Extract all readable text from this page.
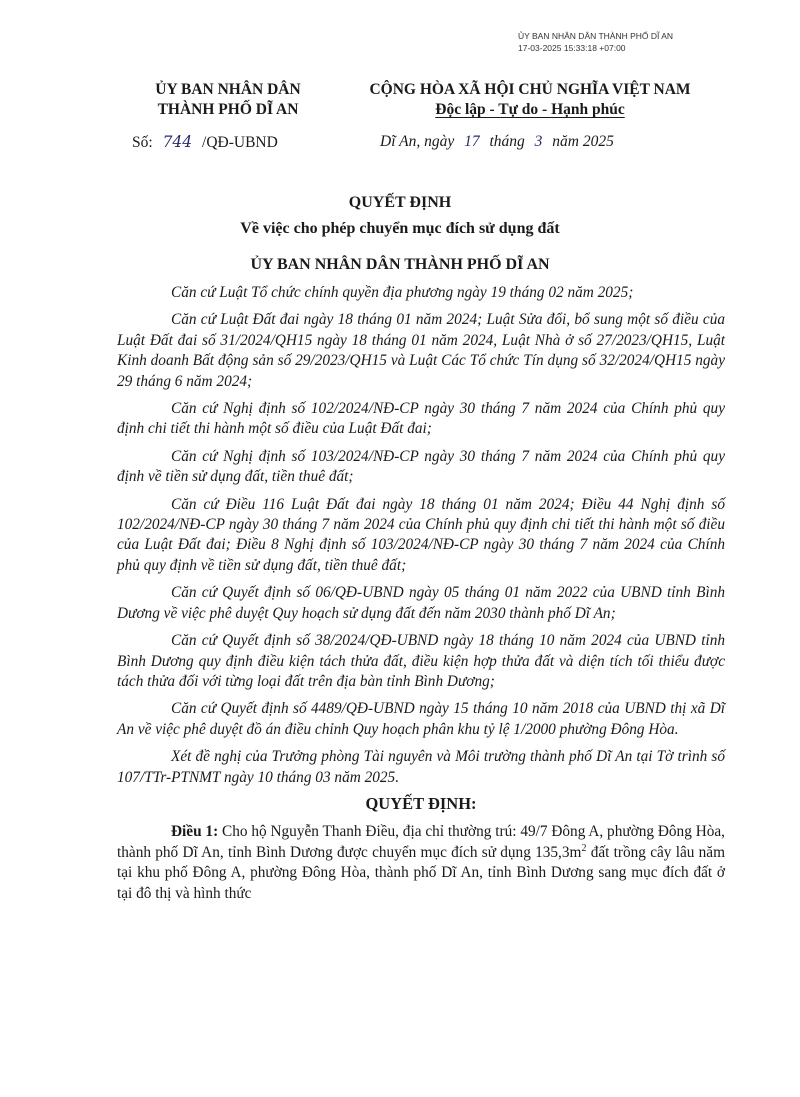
ỦY BAN NHÂN DÂN THÀNH PHỐ DĨ AN
17-03-2025 15:33:18 +07:00
ỦY BAN NHÂN DÂN
THÀNH PHỐ DĨ AN
CỘNG HÒA XÃ HỘI CHỦ NGHĨA VIỆT NAM
Độc lập - Tự do - Hạnh phúc
Số: 744 /QĐ-UBND	Dĩ An, ngày 17 tháng 3 năm 2025
QUYẾT ĐỊNH
Về việc cho phép chuyển mục đích sử dụng đất
ỦY BAN NHÂN DÂN THÀNH PHỐ DĨ AN

Căn cứ Luật Tổ chức chính quyền địa phương ngày 19 tháng 02 năm 2025;

Căn cứ Luật Đất đai ngày 18 tháng 01 năm 2024; Luật Sửa đổi, bổ sung một số điều của Luật Đất đai số 31/2024/QH15 ngày 18 tháng 01 năm 2024, Luật Nhà ở số 27/2023/QH15, Luật Kinh doanh Bất động sản số 29/2023/QH15 và Luật Các Tổ chức Tín dụng số 32/2024/QH15 ngày 29 tháng 6 năm 2024;

Căn cứ Nghị định số 102/2024/NĐ-CP ngày 30 tháng 7 năm 2024 của Chính phủ quy định chi tiết thi hành một số điều của Luật Đất đai;

Căn cứ Nghị định số 103/2024/NĐ-CP ngày 30 tháng 7 năm 2024 của Chính phủ quy định về tiền sử dụng đất, tiền thuê đất;

Căn cứ Điều 116 Luật Đất đai ngày 18 tháng 01 năm 2024; Điều 44 Nghị định số 102/2024/NĐ-CP ngày 30 tháng 7 năm 2024 của Chính phủ quy định chi tiết thi hành một số điều của Luật Đất đai; Điều 8 Nghị định số 103/2024/NĐ-CP ngày 30 tháng 7 năm 2024 của Chính phủ quy định về tiền sử dụng đất, tiền thuê đất;

Căn cứ Quyết định số 06/QĐ-UBND ngày 05 tháng 01 năm 2022 của UBND tỉnh Bình Dương về việc phê duyệt Quy hoạch sử dụng đất đến năm 2030 thành phố Dĩ An;

Căn cứ Quyết định số 38/2024/QĐ-UBND ngày 18 tháng 10 năm 2024 của UBND tỉnh Bình Dương quy định điều kiện tách thửa đất, điều kiện hợp thửa đất và diện tích tối thiểu được tách thửa đối với từng loại đất trên địa bàn tỉnh Bình Dương;

Căn cứ Quyết định số 4489/QĐ-UBND ngày 15 tháng 10 năm 2018 của UBND thị xã Dĩ An về việc phê duyệt đồ án điều chỉnh Quy hoạch phân khu tỷ lệ 1/2000 phường Đông Hòa.

Xét đề nghị của Trưởng phòng Tài nguyên và Môi trường thành phố Dĩ An tại Tờ trình số 107/TTr-PTNMT ngày 10 tháng 03 năm 2025.

QUYẾT ĐỊNH:

Điều 1: Cho hộ Nguyễn Thanh Điều, địa chỉ thường trú: 49/7 Đông A, phường Đông Hòa, thành phố Dĩ An, tỉnh Bình Dương được chuyển mục đích sử dụng $135,3m^2$ đất trồng cây lâu năm tại khu phố Đông A, phường Đông Hòa, thành phố Dĩ An, tỉnh Bình Dương sang mục đích đất ở tại đô thị và hình thức
